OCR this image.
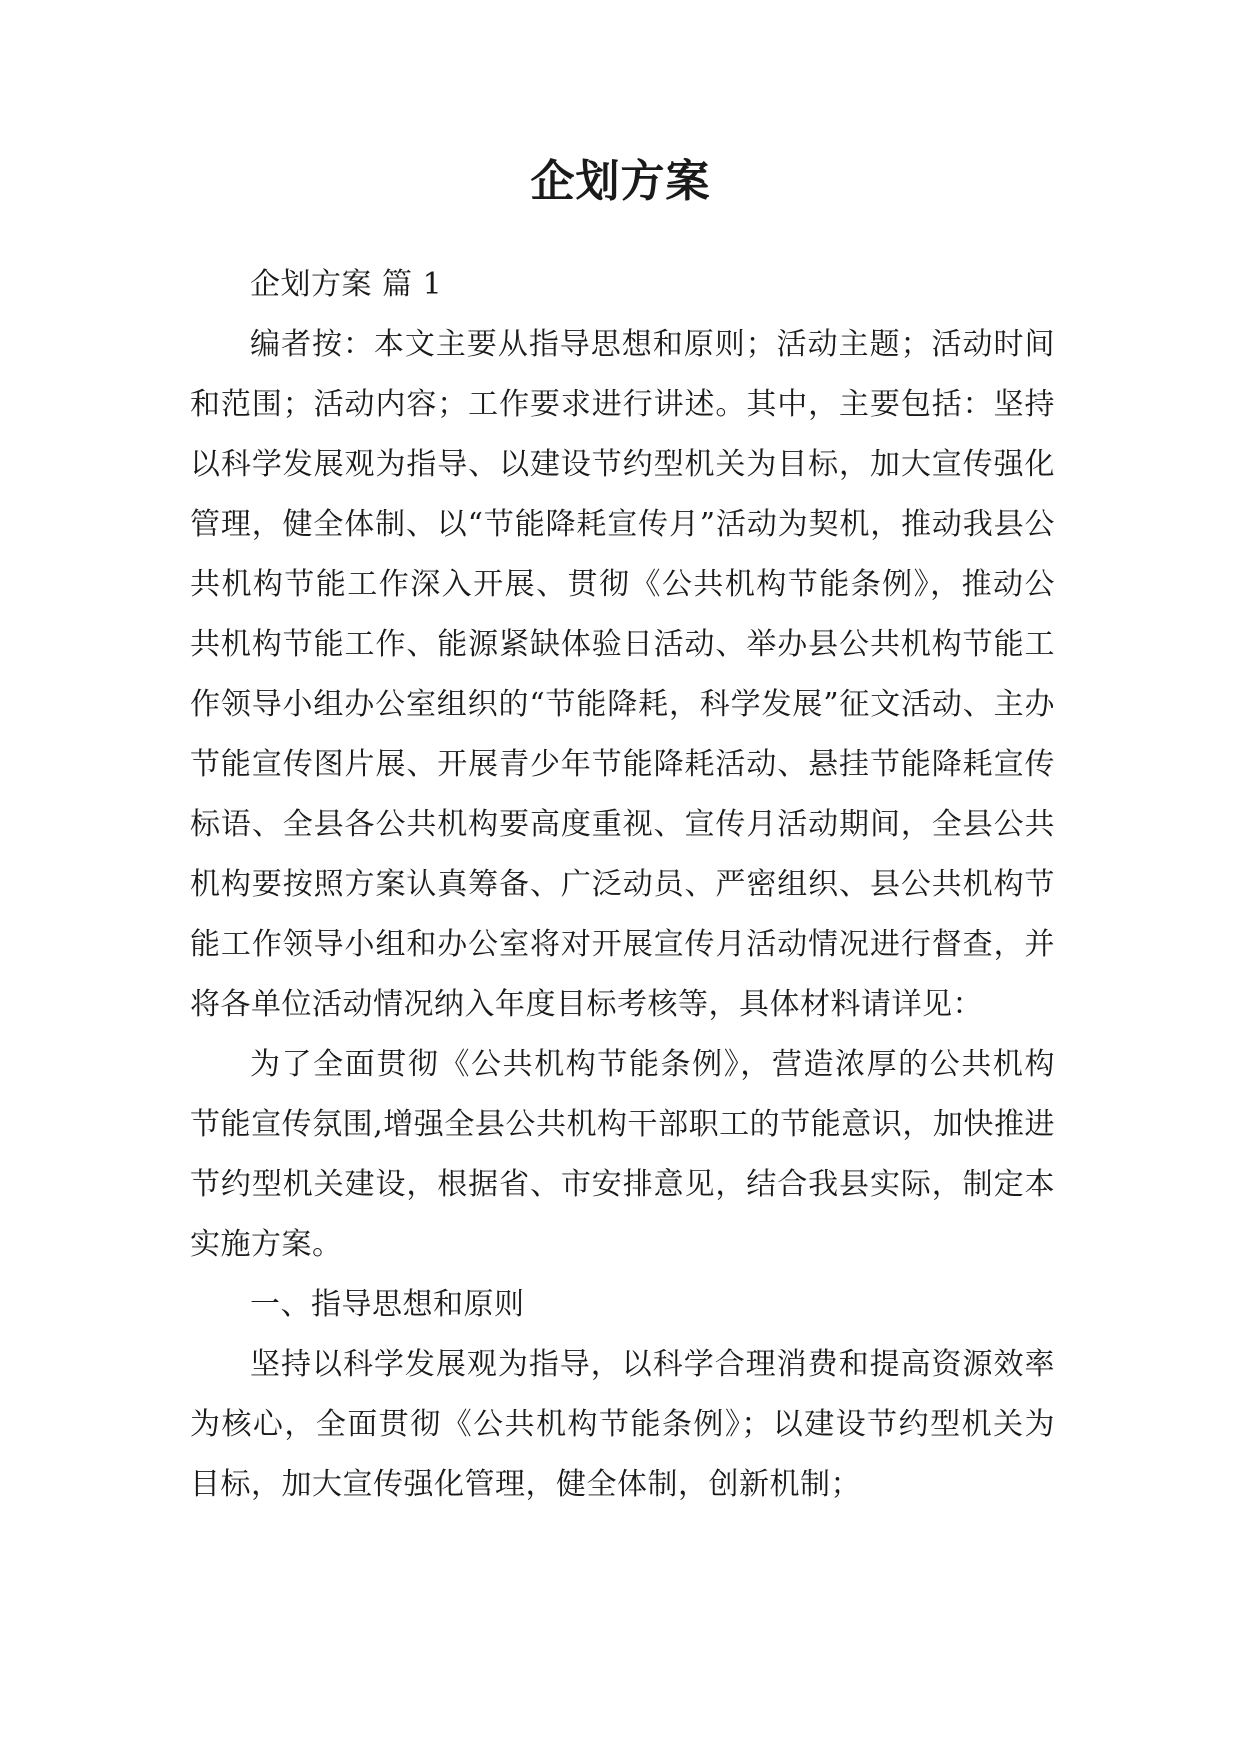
企划方案

企划方案 篇 1

编者按：本文主要从指导思想和原则；活动主题；活动时间和范围；活动内容；工作要求进行讲述。其中，主要包括：坚持以科学发展观为指导、以建设节约型机关为目标，加大宣传强化管理，健全体制、以“节能降耗宣传月”活动为契机，推动我县公共机构节能工作深入开展、贯彻《公共机构节能条例》，推动公共机构节能工作、能源紧缺体验日活动、举办县公共机构节能工作领导小组办公室组织的“节能降耗，科学发展”征文活动、主办节能宣传图片展、开展青少年节能降耗活动、悬挂节能降耗宣传标语、全县各公共机构要高度重视、宣传月活动期间，全县公共机构要按照方案认真筹备、广泛动员、严密组织、县公共机构节能工作领导小组和办公室将对开展宣传月活动情况进行督查，并将各单位活动情况纳入年度目标考核等，具体材料请详见：

为了全面贯彻《公共机构节能条例》，营造浓厚的公共机构节能宣传氛围,增强全县公共机构干部职工的节能意识，加快推进节约型机关建设，根据省、市安排意见，结合我县实际，制定本实施方案。

一、指导思想和原则

坚持以科学发展观为指导，以科学合理消费和提高资源效率为核心，全面贯彻《公共机构节能条例》；以建设节约型机关为目标，加大宣传强化管理，健全体制，创新机制；
